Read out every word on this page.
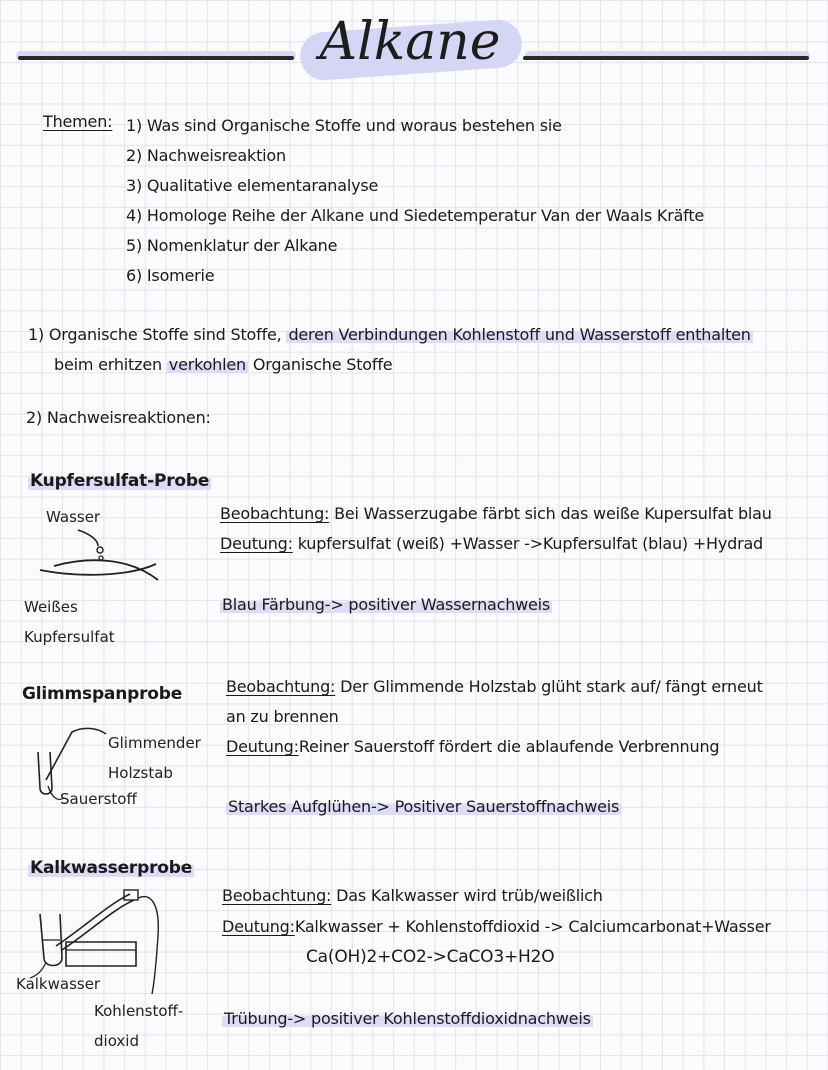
Alkane
Themen: 1) Was sind Organische Stoffe und woraus bestehen sie
2) Nachweisreaktion
3) Qualitative elementaranalyse
4) Homologe Reihe der Alkane und Siedetemperatur Van der Waals Kräfte
5) Nomenklatur der Alkane
6) Isomerie
1) Organische Stoffe sind Stoffe, deren Verbindungen Kohlenstoff und Wasserstoff enthalten
beim erhitzen verkohlen Organische Stoffe
2) Nachweisreaktionen:
Kupfersulfat-Probe
Wasser
Weißes
Kupfersulfat
Beobachtung: Bei Wasserzugabe färbt sich das weiße Kupersulfat blau
Deutung: kupfersulfat (weiß) +Wasser ->Kupfersulfat (blau) +Hydrad
Blau Färbung-> positiver Wassernachweis
Glimmspanprobe
Glimmender
Holzstab
Sauerstoff
Beobachtung: Der Glimmende Holzstab glüht stark auf/ fängt erneut
an zu brennen
Deutung:Reiner Sauerstoff fördert die ablaufende Verbrennung
Starkes Aufglühen-> Positiver Sauerstoffnachweis
Kalkwasserprobe
Kalkwasser
Kohlenstoff-
dioxid
Beobachtung: Das Kalkwasser wird trüb/weißlich
Deutung:Kalkwasser + Kohlenstoffdioxid -> Calciumcarbonat+Wasser
Ca(OH)2+CO2->CaCO3+H2O
Trübung-> positiver Kohlenstoffdioxidnachweis
